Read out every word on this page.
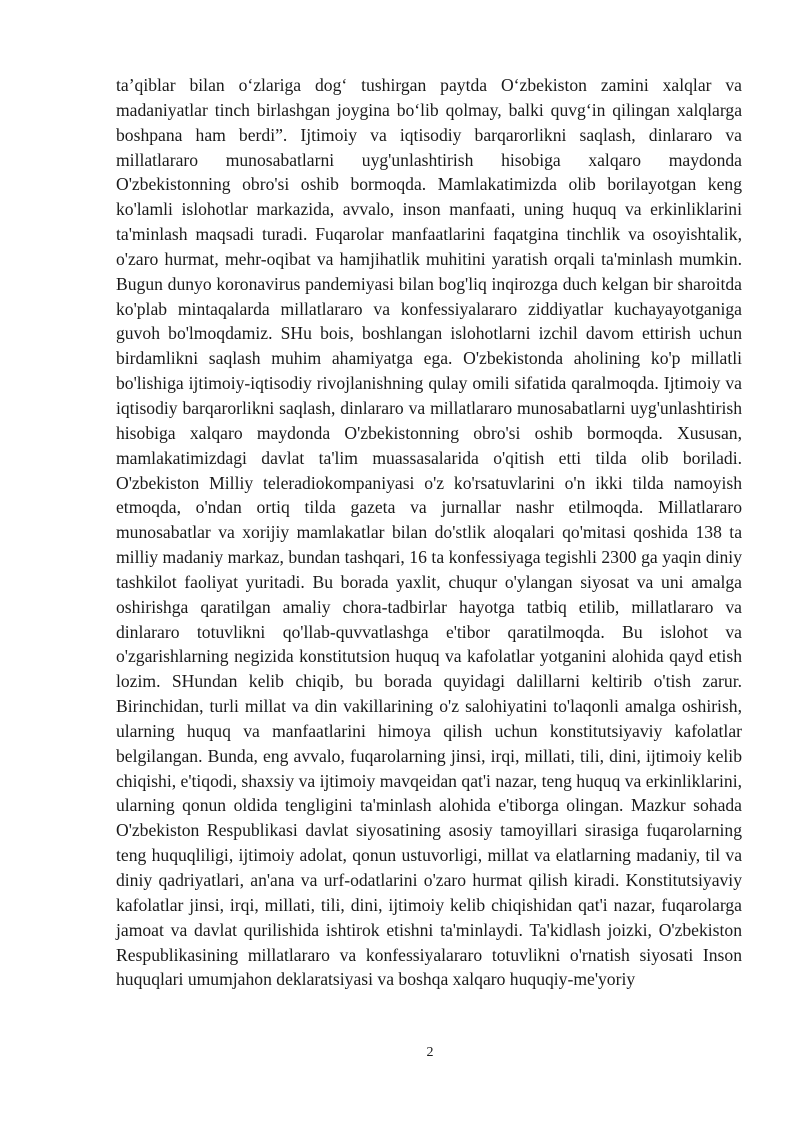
ta’qiblar bilan o‘zlariga dog‘ tushirgan paytda O‘zbekiston zamini xalqlar va madaniyatlar tinch birlashgan joygina bo‘lib qolmay, balki quvg‘in qilingan xalqlarga boshpana ham berdi”. Ijtimoiy va iqtisodiy barqarorlikni saqlash, dinlararo va millatlararo munosabatlarni uyg'unlashtirish hisobiga xalqaro maydonda O'zbekistonning obro'si oshib bormoqda. Mamlakatimizda olib borilayotgan keng ko'lamli islohotlar markazida, avvalo, inson manfaati, uning huquq va erkinliklarini ta'minlash maqsadi turadi. Fuqarolar manfaatlarini faqatgina tinchlik va osoyishtalik, o'zaro hurmat, mehr-oqibat va hamjihatlik muhitini yaratish orqali ta'minlash mumkin. Bugun dunyo koronavirus pandemiyasi bilan bog'liq inqirozga duch kelgan bir sharoitda ko'plab mintaqalarda millatlararo va konfessiyalararo ziddiyatlar kuchayayotganiga guvoh bo'lmoqdamiz. SHu bois, boshlangan islohotlarni izchil davom ettirish uchun birdamlikni saqlash muhim ahamiyatga ega. O'zbekistonda aholining ko'p millatli bo'lishiga ijtimoiy-iqtisodiy rivojlanishning qulay omili sifatida qaralmoqda. Ijtimoiy va iqtisodiy barqarorlikni saqlash, dinlararo va millatlararo munosabatlarni uyg'unlashtirish hisobiga xalqaro maydonda O'zbekistonning obro'si oshib bormoqda. Xususan, mamlakatimizdagi davlat ta'lim muassasalarida o'qitish etti tilda olib boriladi. O'zbekiston Milliy teleradiokompaniyasi o'z ko'rsatuvlarini o'n ikki tilda namoyish etmoqda, o'ndan ortiq tilda gazeta va jurnallar nashr etilmoqda. Millatlararo munosabatlar va xorijiy mamlakatlar bilan do'stlik aloqalari qo'mitasi qoshida 138 ta milliy madaniy markaz, bundan tashqari, 16 ta konfessiyaga tegishli 2300 ga yaqin diniy tashkilot faoliyat yuritadi. Bu borada yaxlit, chuqur o'ylangan siyosat va uni amalga oshirishga qaratilgan amaliy chora-tadbirlar hayotga tatbiq etilib, millatlararo va dinlararo totuvlikni qo'llab-quvvatlashga e'tibor qaratilmoqda. Bu islohot va o'zgarishlarning negizida konstitutsion huquq va kafolatlar yotganini alohida qayd etish lozim. SHundan kelib chiqib, bu borada quyidagi dalillarni keltirib o'tish zarur. Birinchidan, turli millat va din vakillarining o'z salohiyatini to'laqonli amalga oshirish, ularning huquq va manfaatlarini himoya qilish uchun konstitutsiyaviy kafolatlar belgilangan. Bunda, eng avvalo, fuqarolarning jinsi, irqi, millati, tili, dini, ijtimoiy kelib chiqishi, e'tiqodi, shaxsiy va ijtimoiy mavqeidan qat'i nazar, teng huquq va erkinliklarini, ularning qonun oldida tengligini ta'minlash alohida e'tiborga olingan. Mazkur sohada O'zbekiston Respublikasi davlat siyosatining asosiy tamoyillari sirasiga fuqarolarning teng huquqliligi, ijtimoiy adolat, qonun ustuvorligi, millat va elatlarning madaniy, til va diniy qadriyatlari, an'ana va urf-odatlarini o'zaro hurmat qilish kiradi. Konstitutsiyaviy kafolatlar jinsi, irqi, millati, tili, dini, ijtimoiy kelib chiqishidan qat'i nazar, fuqarolarga jamoat va davlat qurilishida ishtirok etishni ta'minlaydi. Ta'kidlash joizki, O'zbekiston Respublikasining millatlararo va konfessiyalararo totuvlikni o'rnatish siyosati Inson huquqlari umumjahon deklaratsiyasi va boshqa xalqaro huquqiy-me'yoriy

2
